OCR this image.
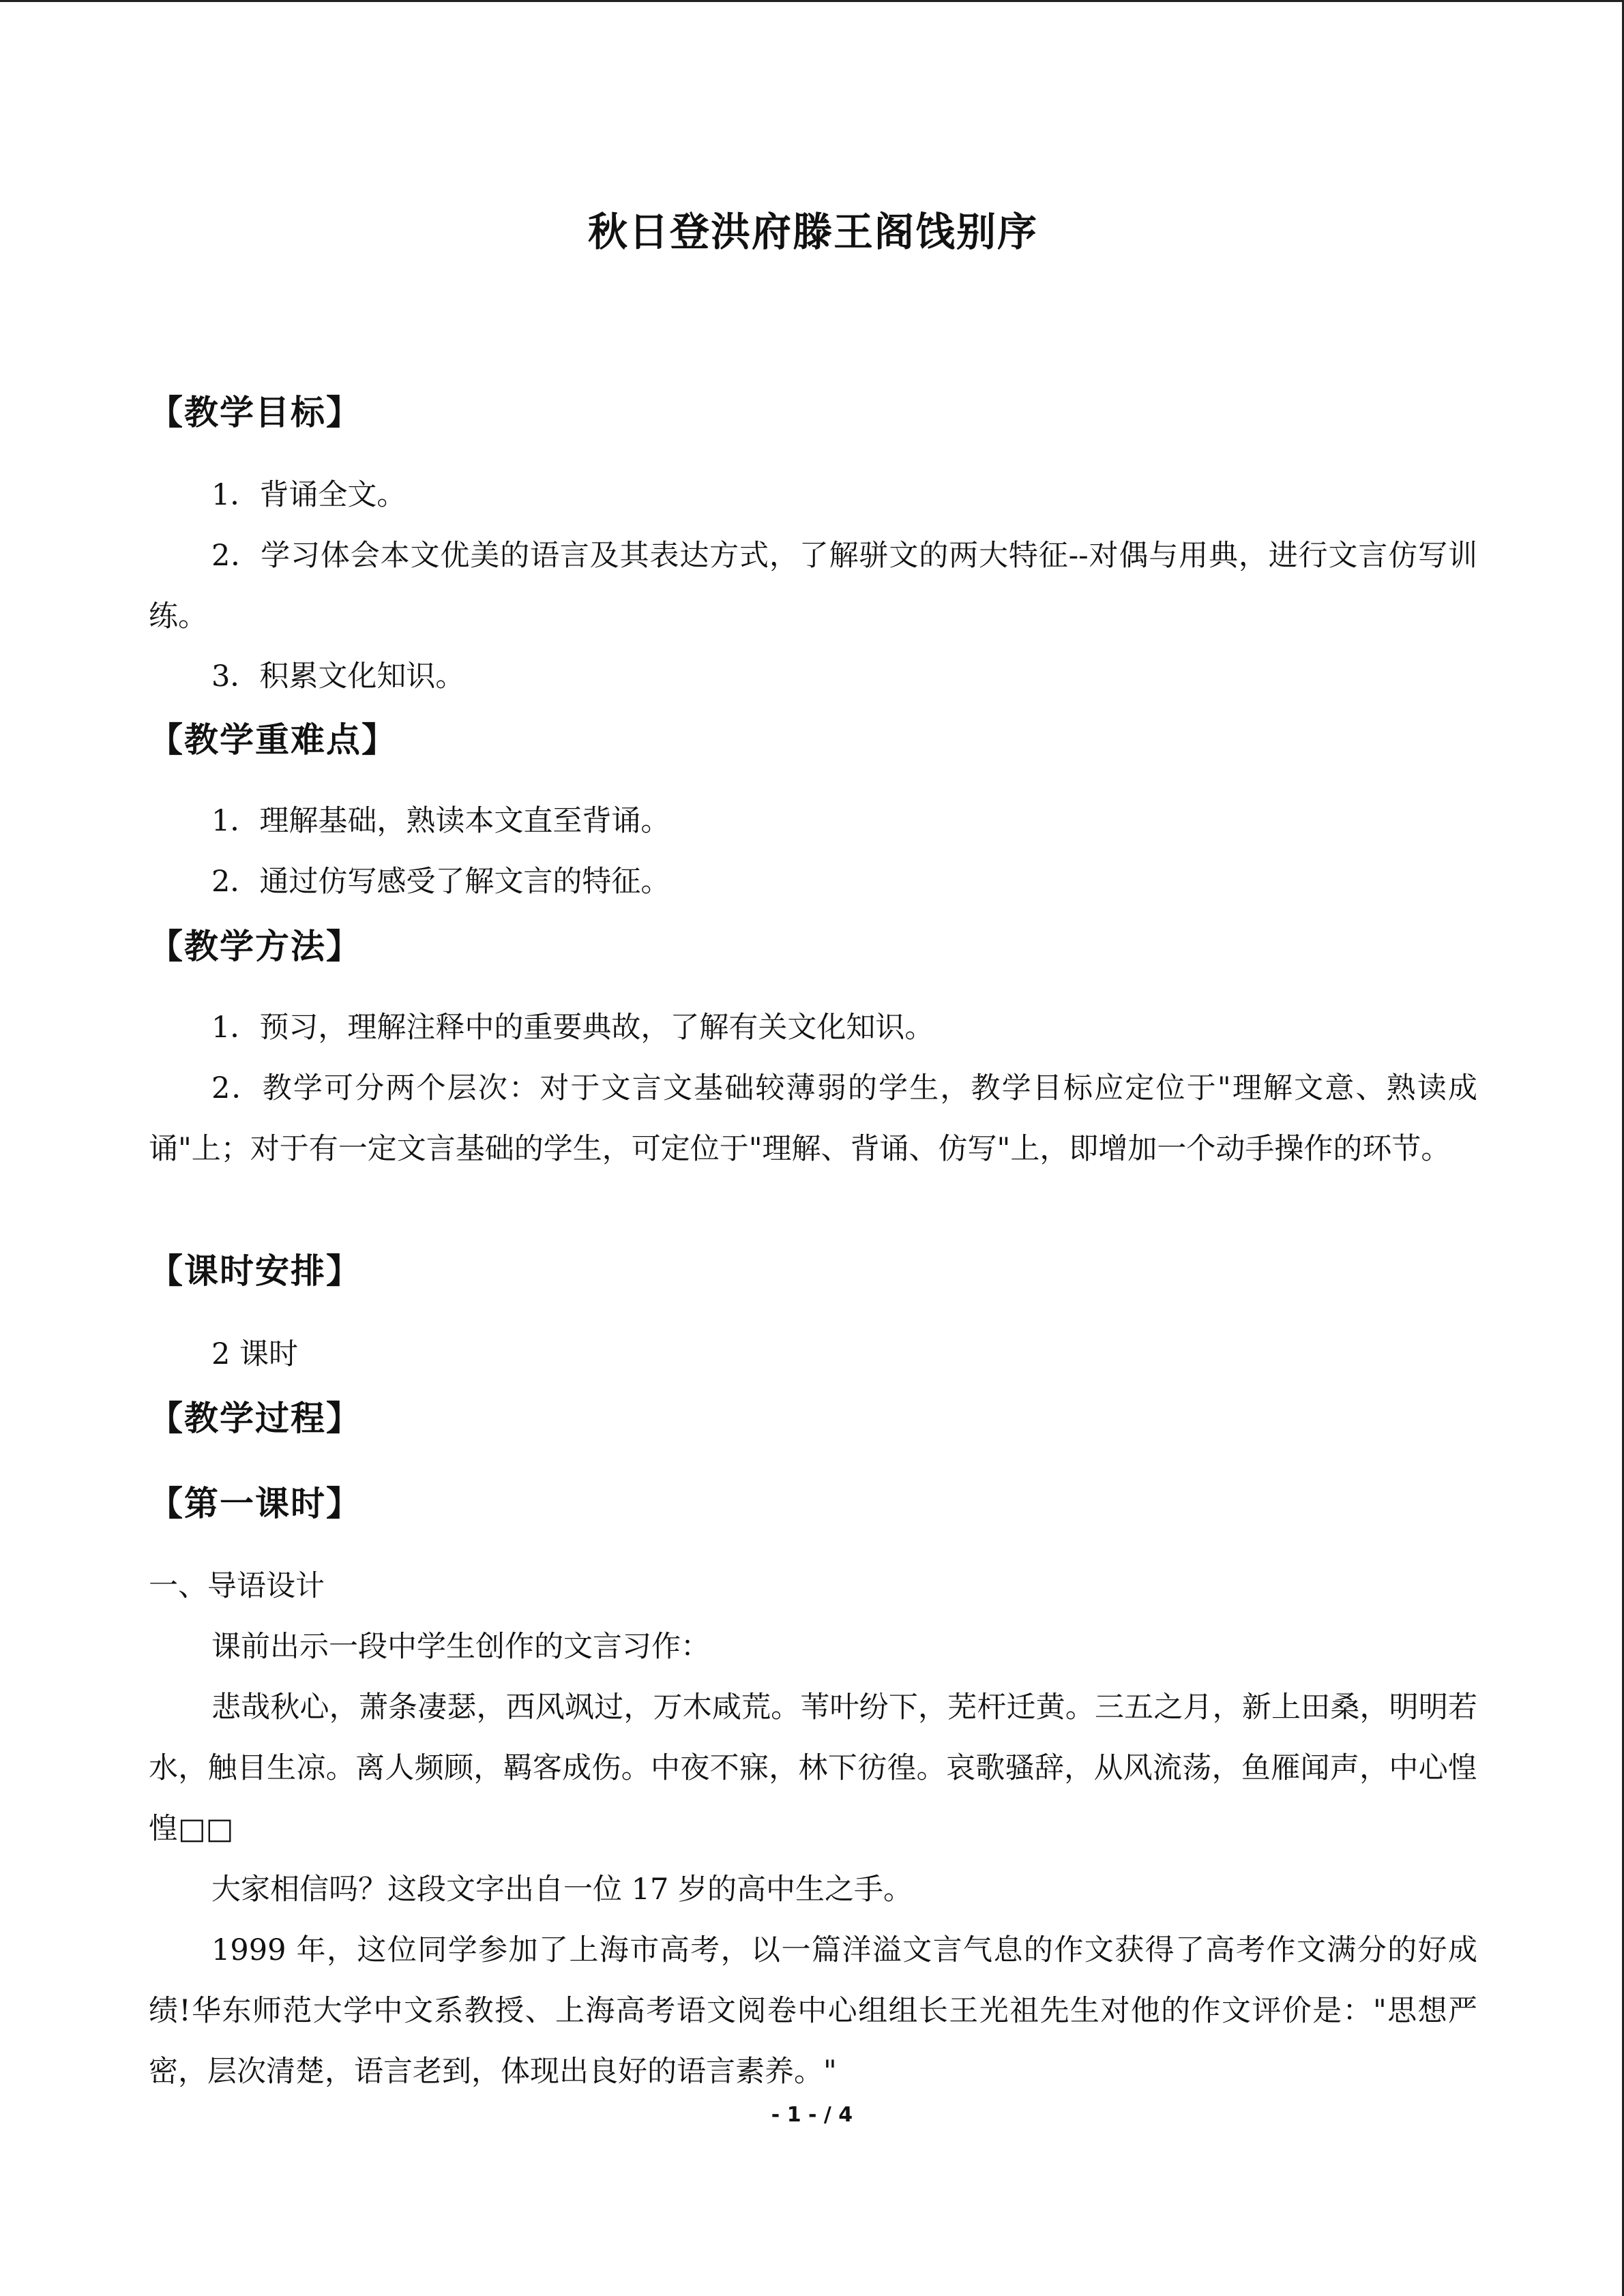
秋日登洪府滕王阁饯别序
【教学目标】

1．背诵全文。

2．学习体会本文优美的语言及其表达方式，了解骈文的两大特征--对偶与用典，进行文言仿写训练。

3．积累文化知识。

【教学重难点】

1．理解基础，熟读本文直至背诵。

2．通过仿写感受了解文言的特征。

【教学方法】

1．预习，理解注释中的重要典故，了解有关文化知识。

2．教学可分两个层次：对于文言文基础较薄弱的学生，教学目标应定位于"理解文意、熟读成诵"上；对于有一定文言基础的学生，可定位于"理解、背诵、仿写"上，即增加一个动手操作的环节。

【课时安排】

2 课时

【教学过程】
【第一课时】

一、导语设计

课前出示一段中学生创作的文言习作：

悲哉秋心，萧条凄瑟，西风飒过，万木咸荒。苇叶纷下，芜杆迁黄。三五之月，新上田桑，明明若水，触目生凉。离人频顾，羁客成伤。中夜不寐，林下彷徨。哀歌骚辞，从风流荡，鱼雁闻声，中心惶惶□□

大家相信吗？这段文字出自一位 17 岁的高中生之手。

1999 年，这位同学参加了上海市高考，以一篇洋溢文言气息的作文获得了高考作文满分的好成绩!华东师范大学中文系教授、上海高考语文阅卷中心组组长王光祖先生对他的作文评价是："思想严密，层次清楚，语言老到，体现出良好的语言素养。"

- 1 - / 4
